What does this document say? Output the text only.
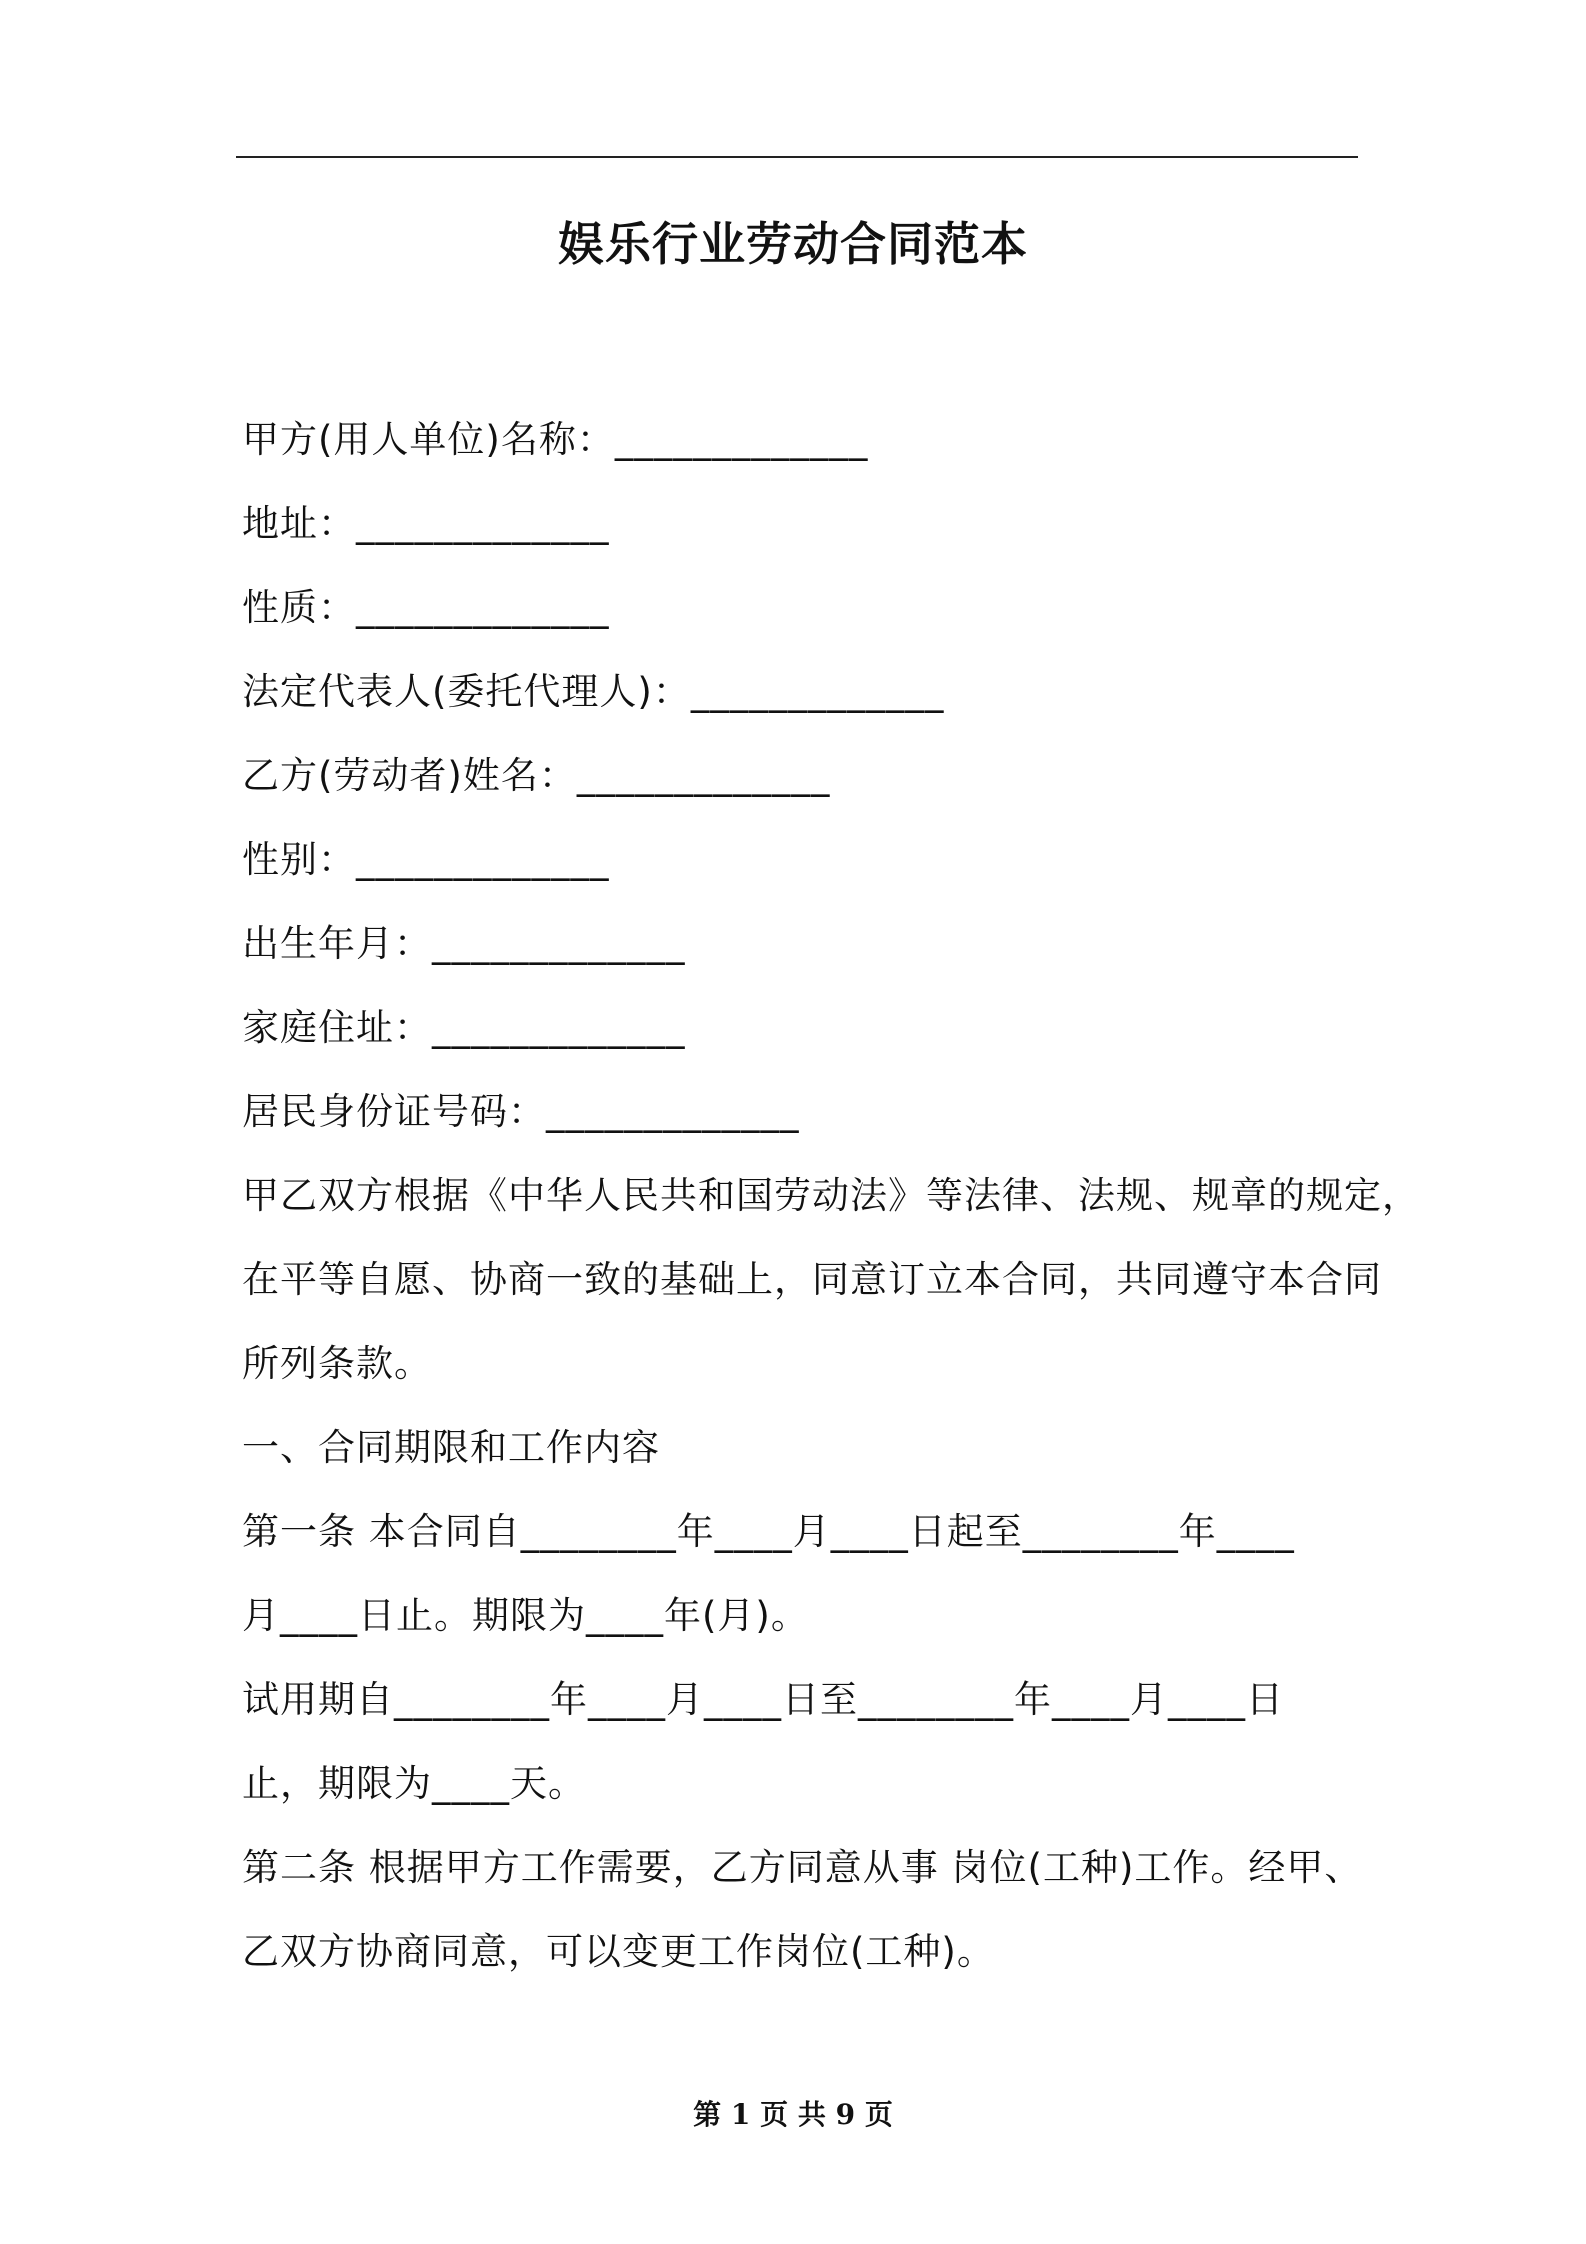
娱乐行业劳动合同范本
甲方(用人单位)名称：_____________
地址：_____________
性质：_____________
法定代表人(委托代理人)：_____________
乙方(劳动者)姓名：_____________
性别：_____________
出生年月：_____________
家庭住址：_____________
居民身份证号码：_____________
甲乙双方根据《中华人民共和国劳动法》等法律、法规、规章的规定，
在平等自愿、协商一致的基础上，同意订立本合同，共同遵守本合同
所列条款。
一、合同期限和工作内容
第一条 本合同自________年____月____日起至________年____
月____日止。期限为____年(月)。
试用期自________年____月____日至________年____月____日
止，期限为____天。
第二条 根据甲方工作需要，乙方同意从事 岗位(工种)工作。经甲、
乙双方协商同意，可以变更工作岗位(工种)。
第 1 页 共 9 页
